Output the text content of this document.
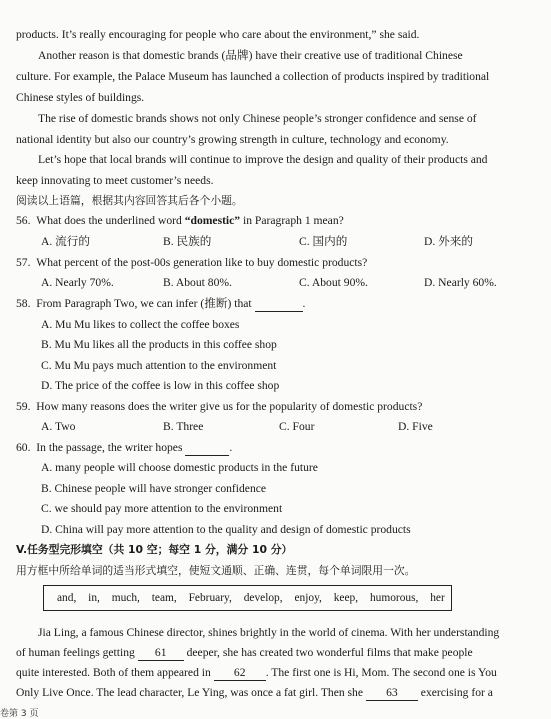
products. It’s really encouraging for people who care about the environment,” she said.
Another reason is that domestic brands (品牌) have their creative use of traditional Chinese
culture. For example, the Palace Museum has launched a collection of products inspired by traditional
Chinese styles of buildings.
The rise of domestic brands shows not only Chinese people’s stronger confidence and sense of
national identity but also our country’s growing strength in culture, technology and economy.
Let’s hope that local brands will continue to improve the design and quality of their products and
keep innovating to meet customer’s needs.
阅读以上语篇，根据其内容回答其后各个小题。
56. What does the underlined word “domestic” in Paragraph 1 mean?
A. 流行的	B. 民族的	C. 国内的	D. 外来的
57. What percent of the post-00s generation like to buy domestic products?
A. Nearly 70%.	B. About 80%.	C. About 90%.	D. Nearly 60%.
58. From Paragraph Two, we can infer (推断) that	.
A. Mu Mu likes to collect the coffee boxes
B. Mu Mu likes all the products in this coffee shop
C. Mu Mu pays much attention to the environment
D. The price of the coffee is low in this coffee shop
59. How many reasons does the writer give us for the popularity of domestic products?
A. Two	B. Three	C. Four	D. Five
60. In the passage, the writer hopes	.
A. many people will choose domestic products in the future
B. Chinese people will have stronger confidence
C. we should pay more attention to the environment
D. China will pay more attention to the quality and design of domestic products
V.任务型完形填空（共 10 空；每空 1 分，满分 10 分）
用方框中所给单词的适当形式填空，使短文通顺、正确、连贯，每个单词限用一次。
and, in, much, team, February, develop, enjoy, keep, humorous, her
Jia Ling, a famous Chinese director, shines brightly in the world of cinema. With her understanding
of human feelings getting 61 deeper, she has created two wonderful films that make people
quite interested. Both of them appeared in 62 . The first one is Hi, Mom. The second one is You
Only Live Once. The lead character, Le Ying, was once a fat girl. Then she 63 exercising for a
卷第 3 页
